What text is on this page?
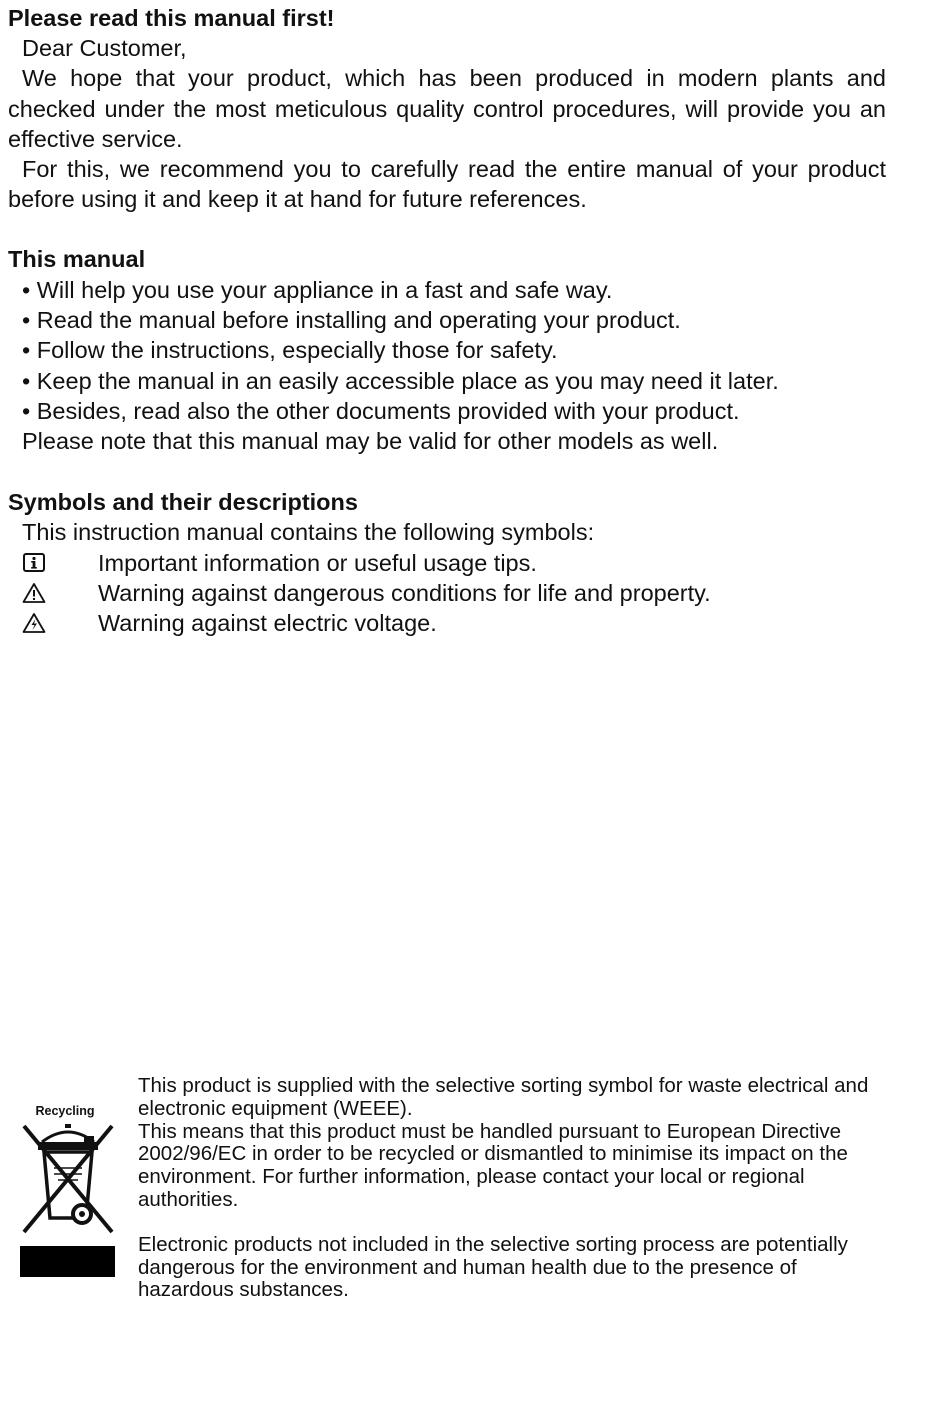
Please read this manual first!
Dear Customer,
We hope that your product, which has been produced in modern plants and checked under the most meticulous quality control procedures, will provide you an effective service.
For this, we recommend you to carefully read the entire manual of your product before using it and keep it at hand for future references.
This manual
• Will help you use your appliance in a fast and safe way.
• Read the manual before installing and operating your product.
• Follow the instructions, especially those for safety.
• Keep the manual in an easily accessible place as you may need it later.
• Besides, read also the other documents provided with your product.

Please note that this manual may be valid for other models as well.

Symbols and their descriptions

This instruction manual contains the following symbols:

Important information or useful usage tips.
Warning against dangerous conditions for life and property.
Warning against electric voltage.
Recycling

This product is supplied with the selective sorting symbol for waste electrical and electronic equipment (WEEE).

This means that this product must be handled pursuant to European Directive 2002/96/EC in order to be recycled or dismantled to minimise its impact on the environment. For further information, please contact your local or regional authorities.

Electronic products not included in the selective sorting process are potentially dangerous for the environment and human health due to the presence of hazardous substances.
